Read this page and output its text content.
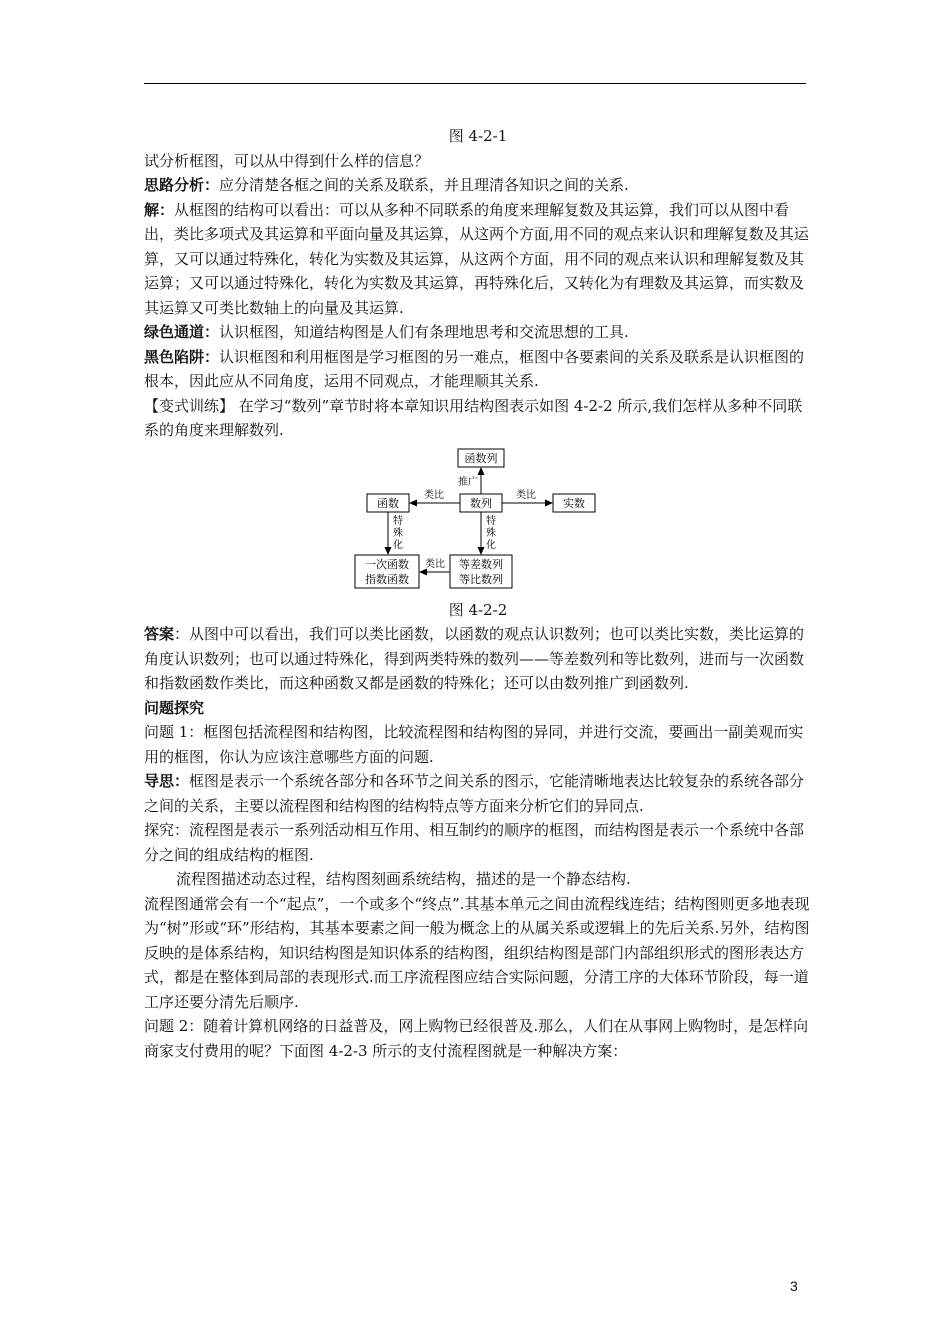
图 4-2-1

试分析框图，可以从中得到什么样的信息？

思路分析：应分清楚各框之间的关系及联系，并且理清各知识之间的关系.

解：从框图的结构可以看出：可以从多种不同联系的角度来理解复数及其运算，我们可以从图中看出，类比多项式及其运算和平面向量及其运算，从这两个方面,用不同的观点来认识和理解复数及其运算，又可以通过特殊化，转化为实数及其运算，从这两个方面，用不同的观点来认识和理解复数及其运算；又可以通过特殊化，转化为实数及其运算，再特殊化后，又转化为有理数及其运算，而实数及其运算又可类比数轴上的向量及其运算.

绿色通道：认识框图，知道结构图是人们有条理地思考和交流思想的工具.

黑色陷阱：认识框图和利用框图是学习框图的另一难点，框图中各要素间的关系及联系是认识框图的根本，因此应从不同角度，运用不同观点，才能理顺其关系.

【变式训练】 在学习“数列”章节时将本章知识用结构图表示如图 4-2-2 所示,我们怎样从多种不同联系的角度来理解数列.

函数列
数列
函数	实数
一次函数
指数函数
等差数列
等比数列
推广
类比	类比
特殊化
特殊化
类比

图 4-2-2

答案：从图中可以看出，我们可以类比函数，以函数的观点认识数列；也可以类比实数，类比运算的角度认识数列；也可以通过特殊化，得到两类特殊的数列——等差数列和等比数列，进而与一次函数和指数函数作类比，而这种函数又都是函数的特殊化；还可以由数列推广到函数列.

问题探究

问题 1：框图包括流程图和结构图，比较流程图和结构图的异同，并进行交流，要画出一副美观而实用的框图，你认为应该注意哪些方面的问题.

导思：框图是表示一个系统各部分和各环节之间关系的图示，它能清晰地表达比较复杂的系统各部分之间的关系，主要以流程图和结构图的结构特点等方面来分析它们的异同点.

探究：流程图是表示一系列活动相互作用、相互制约的顺序的框图，而结构图是表示一个系统中各部分之间的组成结构的框图.

流程图描述动态过程，结构图刻画系统结构，描述的是一个静态结构.

流程图通常会有一个“起点”，一个或多个“终点”.其基本单元之间由流程线连结；结构图则更多地表现为“树”形或“环”形结构，其基本要素之间一般为概念上的从属关系或逻辑上的先后关系.另外，结构图反映的是体系结构，知识结构图是知识体系的结构图，组织结构图是部门内部组织形式的图形表达方式，都是在整体到局部的表现形式.而工序流程图应结合实际问题，分清工序的大体环节阶段，每一道工序还要分清先后顺序.

问题 2：随着计算机网络的日益普及，网上购物已经很普及.那么，人们在从事网上购物时，是怎样向商家支付费用的呢？下面图 4-2-3 所示的支付流程图就是一种解决方案：

3
